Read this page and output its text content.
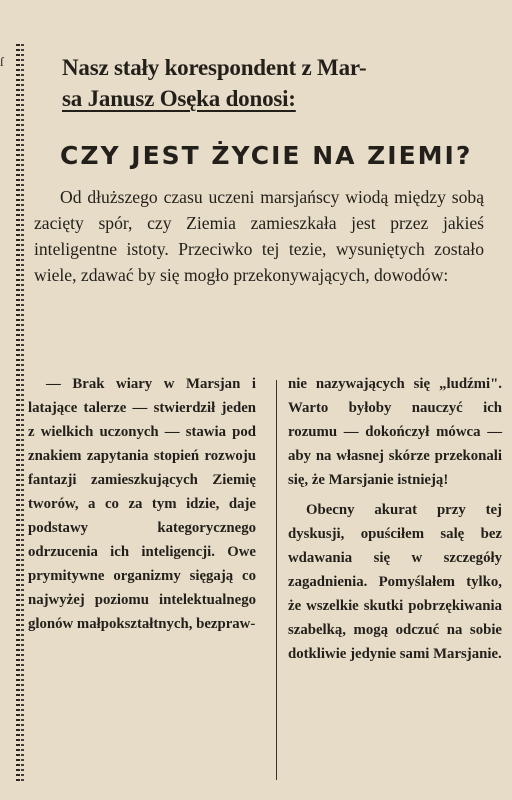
ſ	Nasz stały korespondent z Mar-
sa Janusz Osęka donosi:
CZY JEST ŻYCIE NA ZIEMI?

Od dłuższego czasu uczeni marsjańscy wiodą między sobą zacięty spór, czy Ziemia zamieszkała jest przez jakieś inteligentne istoty. Przeciwko tej tezie, wysuniętych zostało wiele, zdawać by się mogło przekonywających, dowodów:

— Brak wiary w Marsjan i latające talerze — stwierdził jeden z wielkich uczonych — stawia pod znakiem zapytania stopień rozwoju fantazji zamieszkujących Ziemię tworów, a co za tym idzie, daje podstawy kategorycznego odrzucenia ich inteligencji. Owe prymitywne organizmy sięgają co najwyżej poziomu intelektualnego glonów małpokształtnych, bezpraw-

nie nazywających się „ludźmi". Warto byłoby nauczyć ich rozumu — dokończył mówca — aby na własnej skórze przekonali się, że Marsjanie istnieją!

Obecny akurat przy tej dyskusji, opuściłem salę bez wdawania się w szczegóły zagadnienia. Pomyślałem tylko, że wszelkie skutki pobrzękiwania szabelką, mogą odczuć na sobie dotkliwie jedynie sami Marsjanie.
